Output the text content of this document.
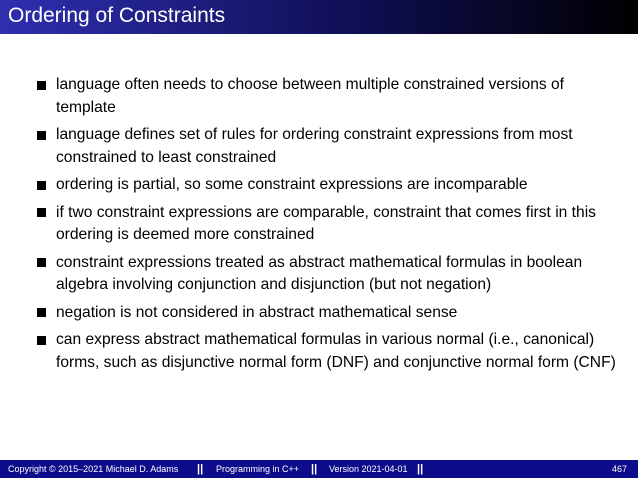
Ordering of Constraints
language often needs to choose between multiple constrained versions of template
language defines set of rules for ordering constraint expressions from most constrained to least constrained
ordering is partial, so some constraint expressions are incomparable
if two constraint expressions are comparable, constraint that comes first in this ordering is deemed more constrained
constraint expressions treated as abstract mathematical formulas in boolean algebra involving conjunction and disjunction (but not negation)
negation is not considered in abstract mathematical sense
can express abstract mathematical formulas in various normal (i.e., canonical) forms, such as disjunctive normal form (DNF) and conjunctive normal form (CNF)
Copyright © 2015–2021 Michael D. Adams || Programming in C++ || Version 2021-04-01 ||	467
